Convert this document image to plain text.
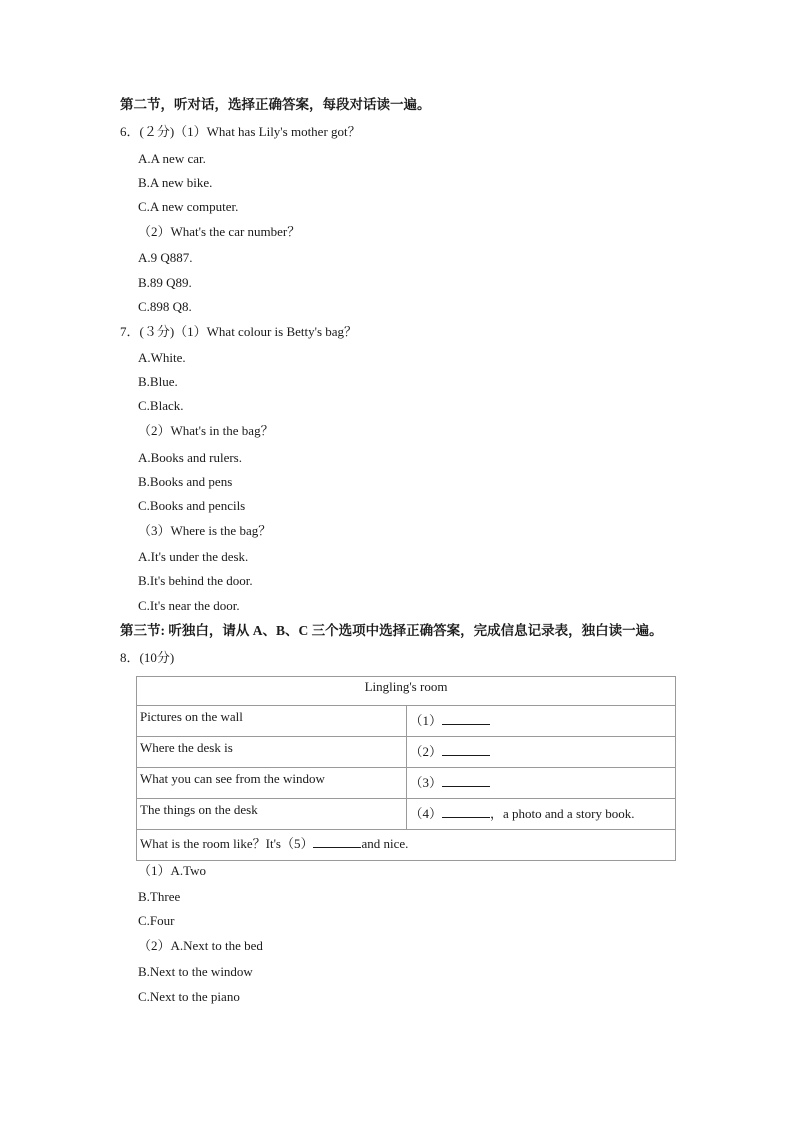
第二节，听对话，选择正确答案，每段对话读一遍。
6．(２分)（1）What has Lily's mother got？
A.A new car.
B.A new bike.
C.A new computer.
（2）What's the car number？
A.9 Q887.
B.89 Q89.
C.898 Q8.
7．(３分)（1）What colour is Betty's bag？
A.White.
B.Blue.
C.Black.
（2）What's in the bag？
A.Books and rulers.
B.Books and pens
C.Books and pencils
（3）Where is the bag？
A.It's under the desk.
B.It's behind the door.
C.It's near the door.
第三节: 听独白，请从 A、B、C 三个选项中选择正确答案，完成信息记录表，独白读一遍。
8．(10分)
Lingling's room	
Pictures on the wall	（1）
Where the desk is	（2）
What you can see from the window	（3）
The things on the desk	（4） ，a photo and a story book.
What is the room like？It's（5） and nice.	
（1）A.Two
B.Three
C.Four
（2）A.Next to the bed
B.Next to the window
C.Next to the piano
